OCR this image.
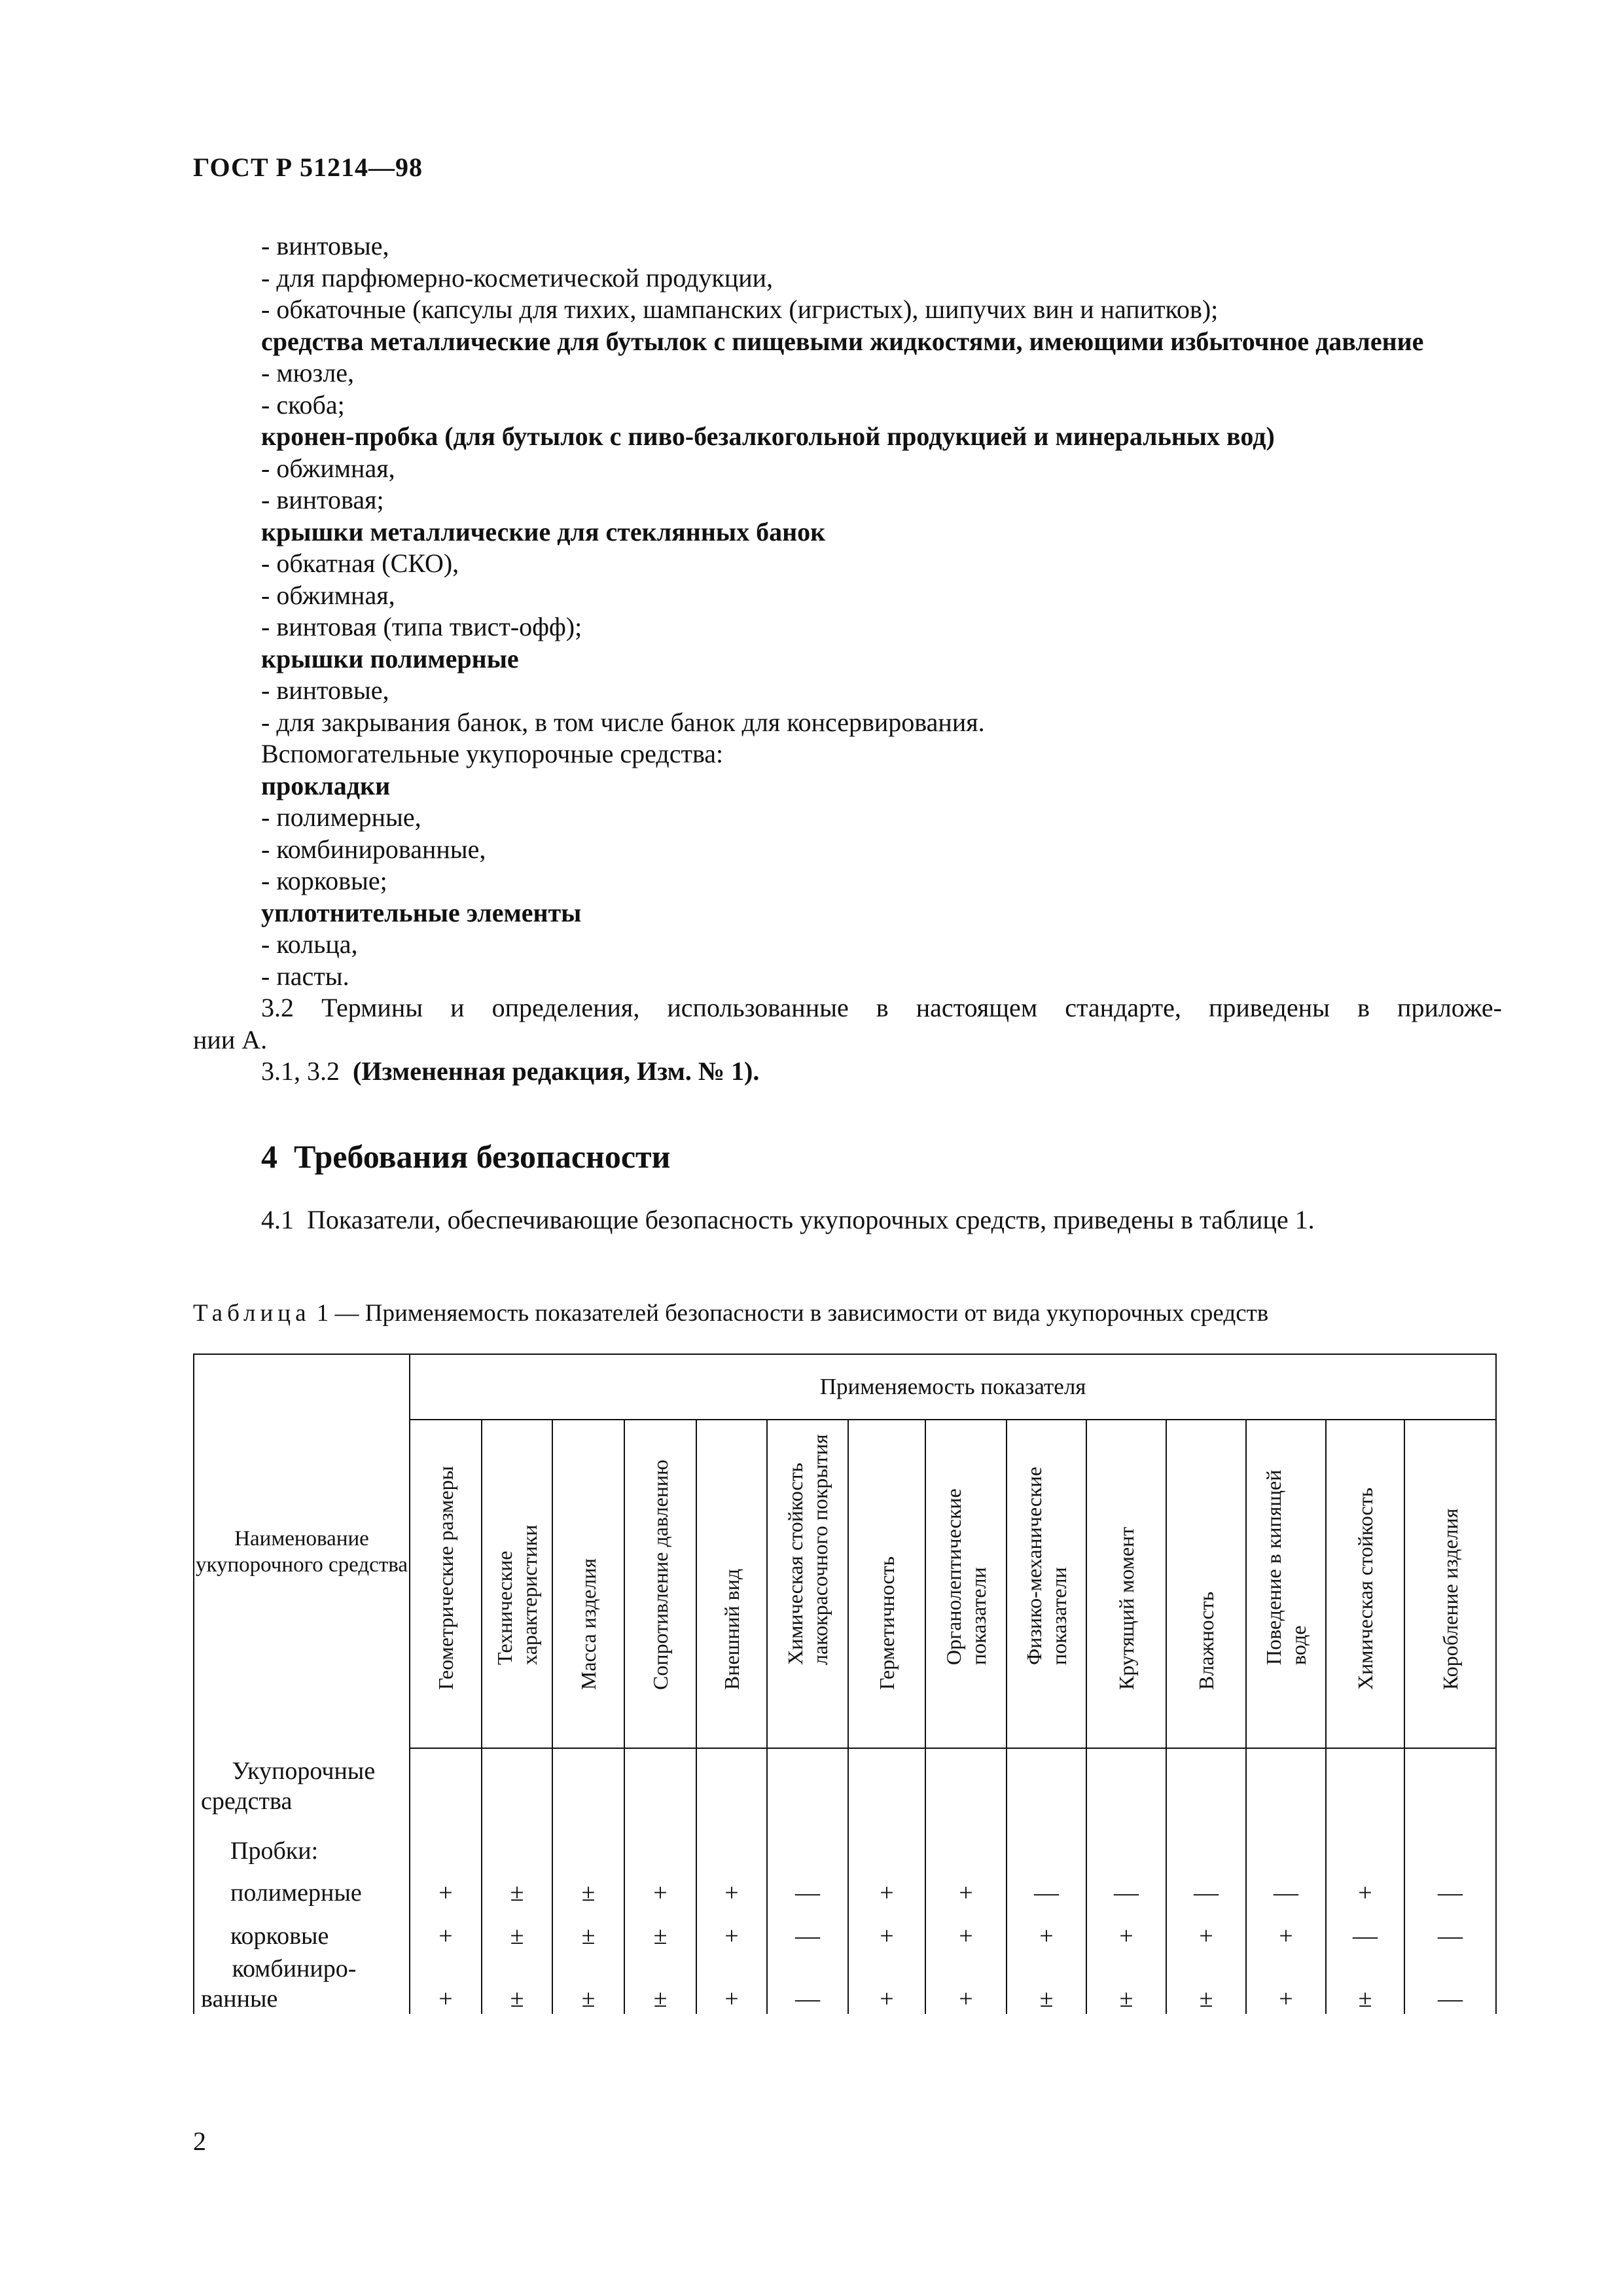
ГОСТ Р 51214—98
- винтовые,
- для парфюмерно-косметической продукции,
- обкаточные (капсулы для тихих, шампанских (игристых), шипучих вин и напитков);
средства металлические для бутылок с пищевыми жидкостями, имеющими избыточное давление
- мюзле,
- скоба;
кронен-пробка (для бутылок с пиво-безалкогольной продукцией и минеральных вод)
- обжимная,
- винтовая;
крышки металлические для стеклянных банок
- обкатная (СКО),
- обжимная,
- винтовая (типа твист-офф);
крышки полимерные
- винтовые,
- для закрывания банок, в том числе банок для консервирования.
Вспомогательные укупорочные средства:
прокладки
- полимерные,
- комбинированные,
- корковые;
уплотнительные элементы
- кольца,
- пасты.
3.2 Термины и определения, использованные в настоящем стандарте, приведены в приложе-
нии А.
3.1, 3.2  (Измененная редакция, Изм. № 1).
4  Требования безопасности
4.1  Показатели, обеспечивающие безопасность укупорочных средств, приведены в таблице 1.
Таблица 1 — Применяемость показателей безопасности в зависимости от вида укупорочных средств
Наименование укупорочного средства	Применяемость показателя													

	Геометрические размеры	Технические
характеристики	Масса изделия	Сопротивление давлению	Внешний вид	Химическая стойкость
лакокрасочного покрытия	Герметичность	Органолептические
показатели	Физико-механические
показатели	Крутящий момент	Влажность	Поведение в кипящей
воде	Химическая стойкость	Коробление изделия

Укупорочные
средства														
Пробки:														
полимерные	+	±	±	+	+	—	+	+	—	—	—	—	+	—
корковые	+	±	±	±	+	—	+	+	+	+	+	+	—	—
комбиниро-
ванные	+	±	±	±	+	—	+	+	±	±	±	+	±	—
2
